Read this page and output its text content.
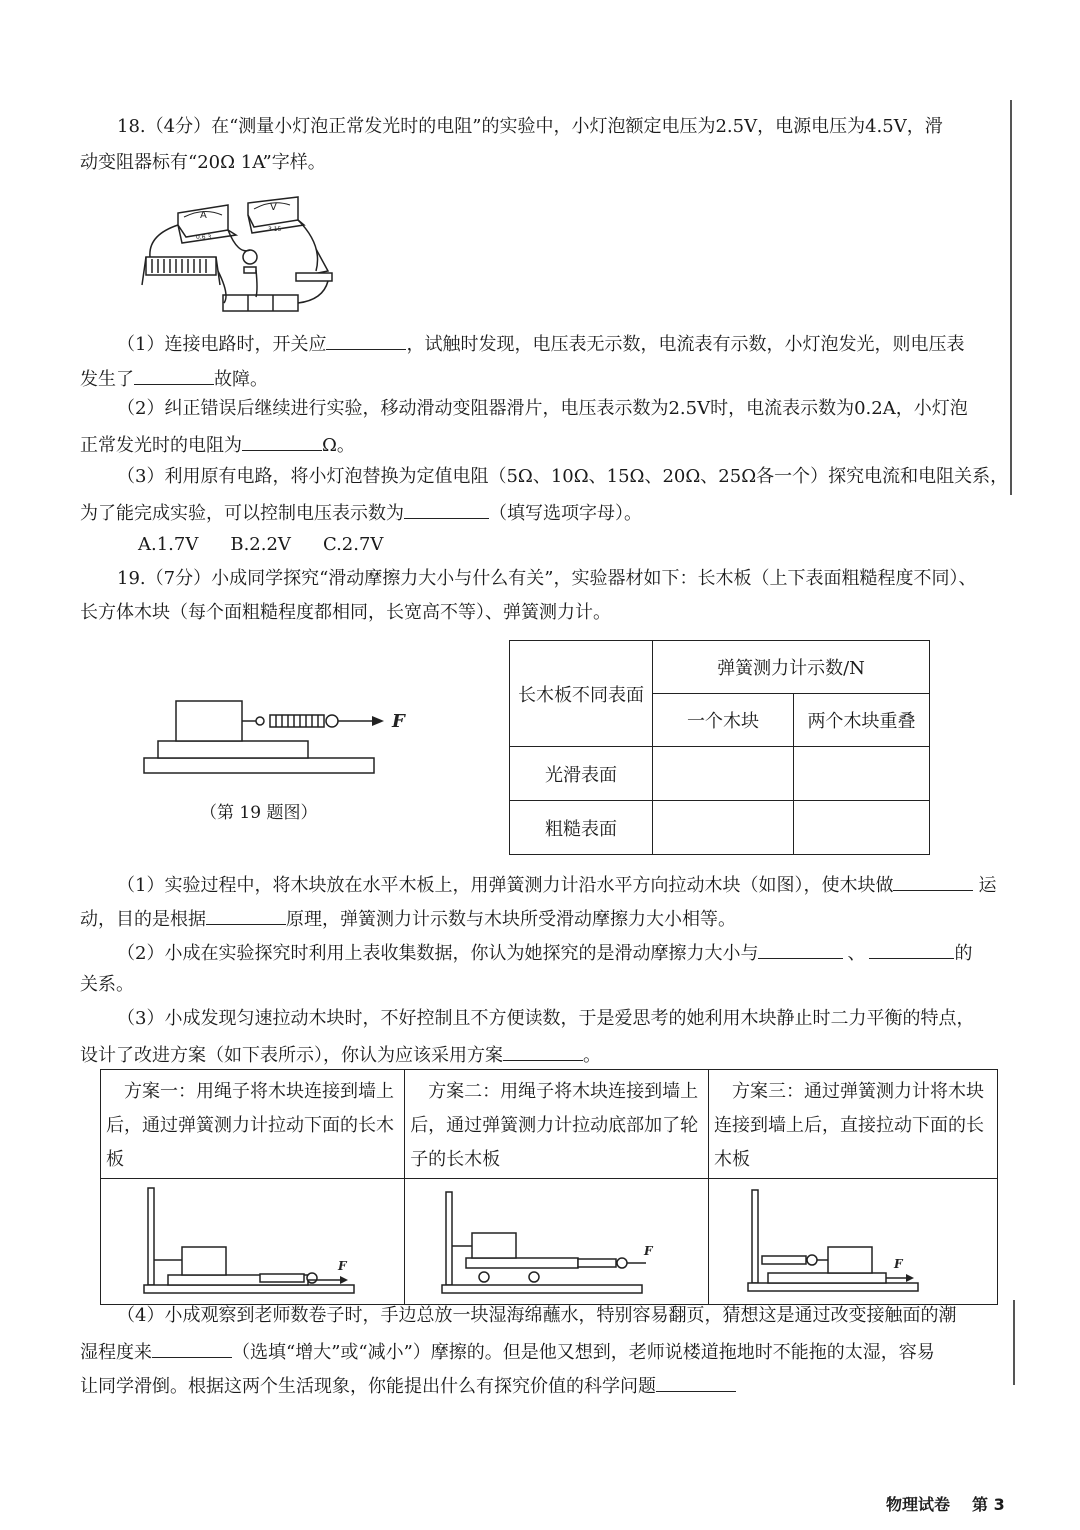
18.（4分）在“测量小灯泡正常发光时的电阻”的实验中，小灯泡额定电压为2.5V，电源电压为4.5V，滑
动变阻器标有“20Ω 1A”字样。
A
0.6 3
V
3 15
（1）连接电路时，开关应	，试触时发现，电压表无示数，电流表有示数，小灯泡发光，则电压表
发生了	故障。
（2）纠正错误后继续进行实验，移动滑动变阻器滑片，电压表示数为2.5V时，电流表示数为0.2A，小灯泡
正常发光时的电阻为	Ω。
（3）利用原有电路，将小灯泡替换为定值电阻（5Ω、10Ω、15Ω、20Ω、25Ω各一个）探究电流和电阻关系，
为了能完成实验，可以控制电压表示数为	（填写选项字母）。
A.1.7V B.2.2V C.2.7V
19.（7分）小成同学探究“滑动摩擦力大小与什么有关”，实验器材如下：长木板（上下表面粗糙程度不同）、
长方体木块（每个面粗糙程度都相同，长宽高不等）、弹簧测力计。
F
（第 19 题图）
长木板不同表面	弹簧测力计示数/N	
	一个木块	两个木块重叠
光滑表面		
粗糙表面		
（1）实验过程中，将木块放在水平木板上，用弹簧测力计沿水平方向拉动木块（如图），使木块做	运
动，目的是根据	原理，弹簧测力计示数与木块所受滑动摩擦力大小相等。
（2）小成在实验探究时利用上表收集数据，你认为她探究的是滑动摩擦力大小与	、	的
关系。
（3）小成发现匀速拉动木块时，不好控制且不方便读数，于是爱思考的她利用木块静止时二力平衡的特点，
设计了改进方案（如下表所示），你认为应该采用方案	。
　方案一：用绳子将木块连接到墙上后，通过弹簧测力计拉动下面的长木板	　方案二：用绳子将木块连接到墙上后，通过弹簧测力计拉动底部加了轮子的长木板	　方案三：通过弹簧测力计将木块连接到墙上后，直接拉动下面的长木板

F	F	F
（4）小成观察到老师数卷子时，手边总放一块湿海绵蘸水，特别容易翻页，猜想这是通过改变接触面的潮
湿程度来	（选填“增大”或“减小”）摩擦的。但是他又想到，老师说楼道拖地时不能拖的太湿，容易
让同学滑倒。根据这两个生活现象，你能提出什么有探究价值的科学问题
物理试卷 第 3
